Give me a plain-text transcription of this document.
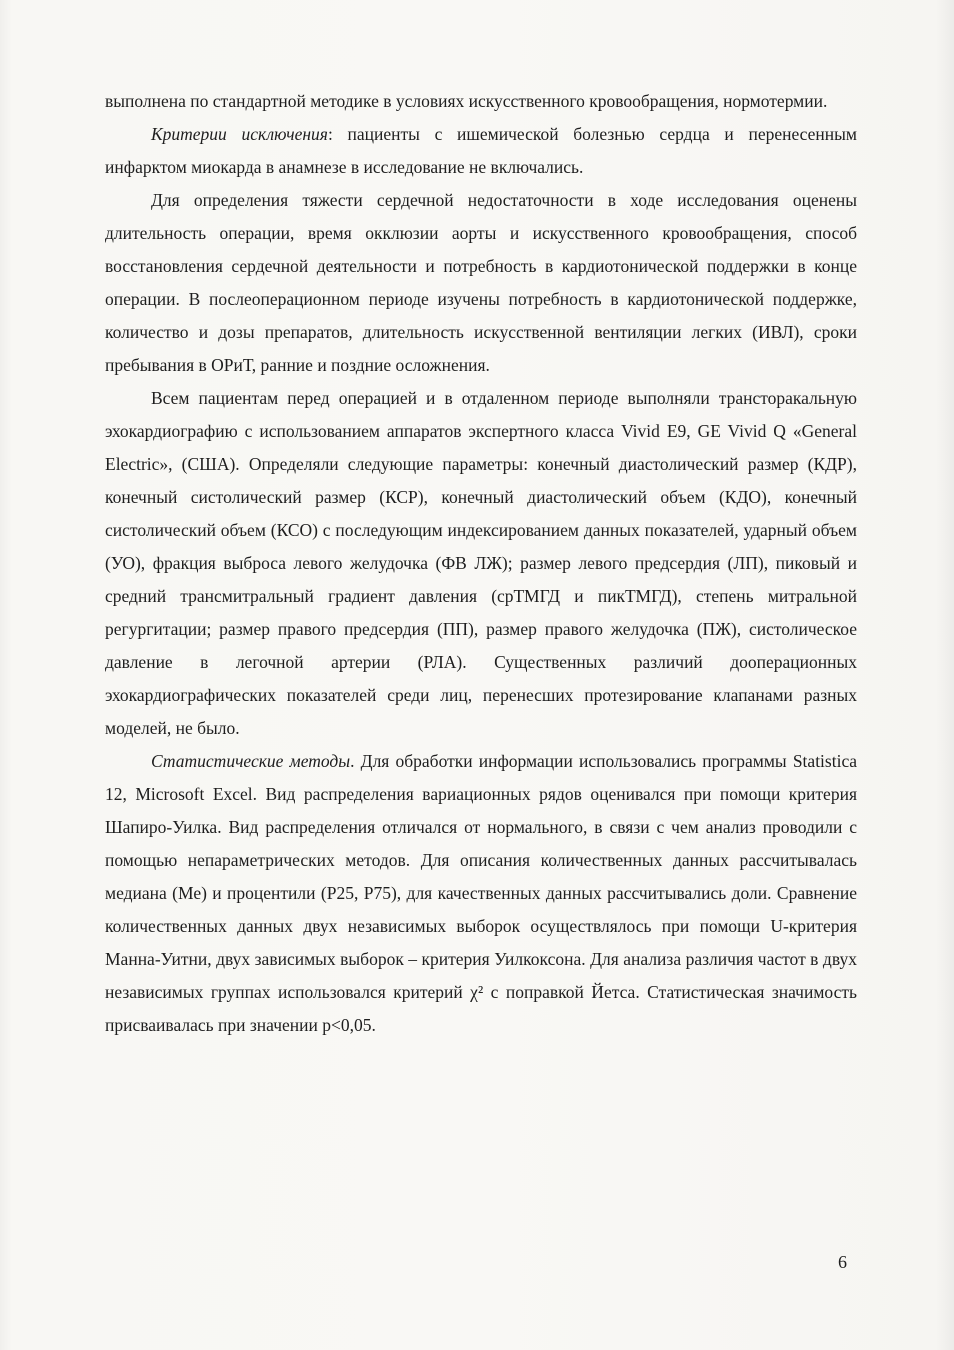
выполнена по стандартной методике в условиях искусственного кровообращения, нормотермии.

Критерии исключения: пациенты с ишемической болезнью сердца и перенесенным инфарктом миокарда в анамнезе в исследование не включались.

Для определения тяжести сердечной недостаточности в ходе исследования оценены длительность операции, время окклюзии аорты и искусственного кровообращения, способ восстановления сердечной деятельности и потребность в кардиотонической поддержки в конце операции. В послеоперационном периоде изучены потребность в кардиотонической поддержке, количество и дозы препаратов, длительность искусственной вентиляции легких (ИВЛ), сроки пребывания в ОРиТ, ранние и поздние осложнения.

Всем пациентам перед операцией и в отдаленном периоде выполняли трансторакальную эхокардиографию с использованием аппаратов экспертного класса Vivid E9, GE Vivid Q «General Electric», (США). Определяли следующие параметры: конечный диастолический размер (КДР), конечный систолический размер (КСР), конечный диастолический объем (КДО), конечный систолический объем (КСО) с последующим индексированием данных показателей, ударный объем (УО), фракция выброса левого желудочка (ФВ ЛЖ); размер левого предсердия (ЛП), пиковый и средний трансмитральный градиент давления (срТМГД и пикТМГД), степень митральной регургитации; размер правого предсердия (ПП), размер правого желудочка (ПЖ), систолическое давление в легочной артерии (РЛА). Существенных различий дооперационных эхокардиографических показателей среди лиц, перенесших протезирование клапанами разных моделей, не было.

Статистические методы. Для обработки информации использовались программы Statistica 12, Microsoft Excel. Вид распределения вариационных рядов оценивался при помощи критерия Шапиро-Уилка. Вид распределения отличался от нормального, в связи с чем анализ проводили с помощью непараметрических методов. Для описания количественных данных рассчитывалась медиана (Ме) и процентили (P25, P75), для качественных данных рассчитывались доли. Сравнение количественных данных двух независимых выборок осуществлялось при помощи U-критерия Манна-Уитни, двух зависимых выборок – критерия Уилкоксона. Для анализа различия частот в двух независимых группах использовался критерий χ² с поправкой Йетса. Статистическая значимость присваивалась при значении p<0,05.

6
